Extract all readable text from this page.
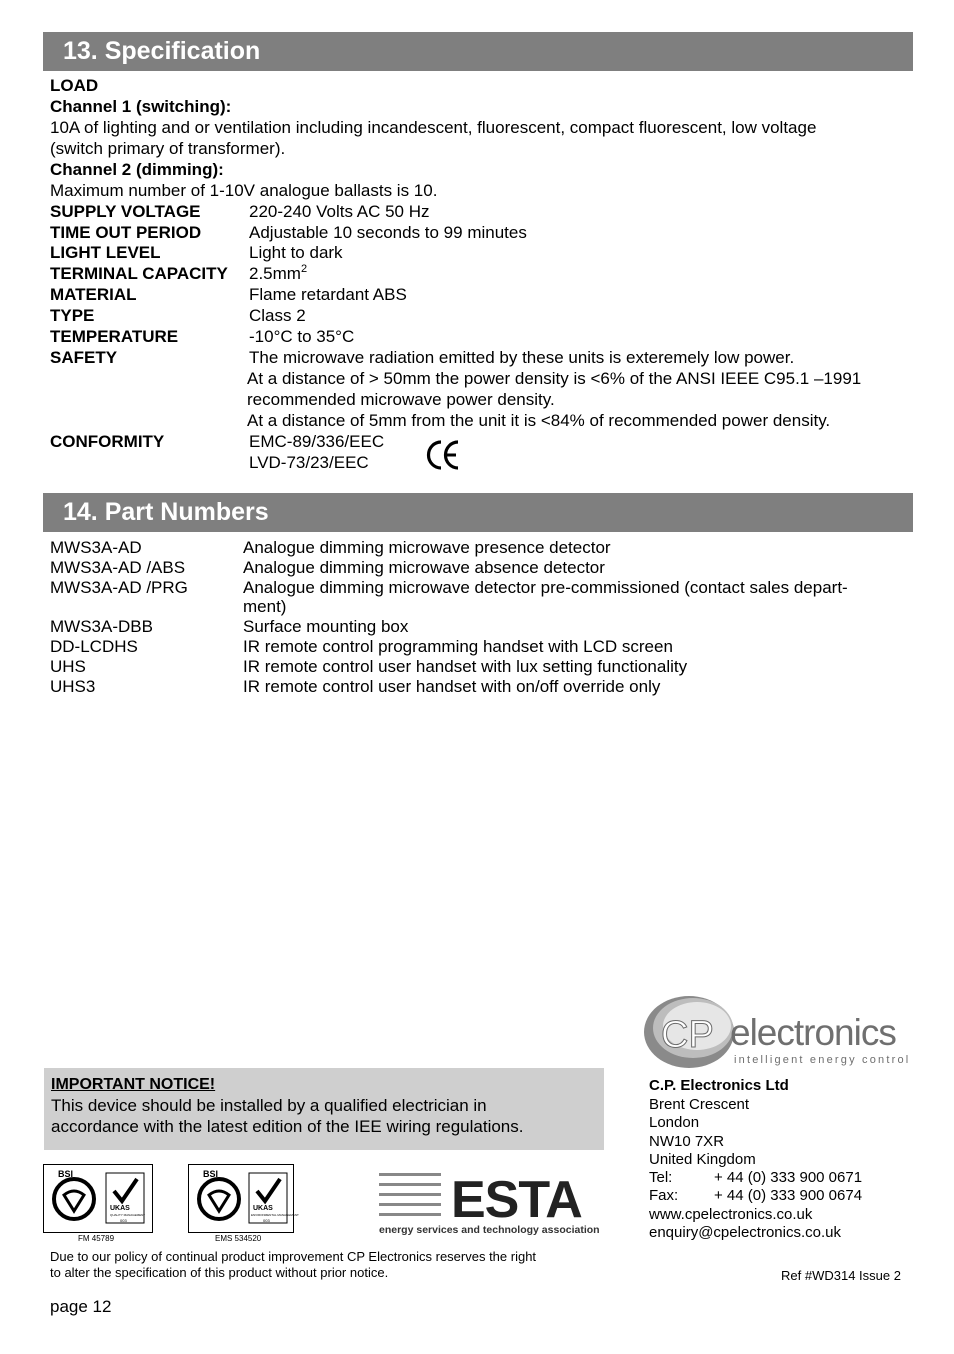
13. Specification
LOAD
Channel 1 (switching):
10A of lighting and or ventilation including incandescent, fluorescent, compact fluorescent, low voltage
(switch primary of transformer).
Channel 2 (dimming):
Maximum number of 1-10V analogue ballasts is 10.
SUPPLY VOLTAGE	220-240 Volts AC 50 Hz
TIME OUT PERIOD	Adjustable 10 seconds to 99 minutes
LIGHT LEVEL	Light to dark
TERMINAL CAPACITY $2.5mm^2$
MATERIAL	Flame retardant ABS
TYPE	Class 2
TEMPERATURE	-10°C to 35°C
SAFETY	The microwave radiation emitted by these units is exteremely low power.
At a distance of > 50mm the power density is <6% of the ANSI IEEE C95.1 –1991
recommended microwave power density.
At a distance of 5mm from the unit it is <84% of recommended power density.
CONFORMITY	EMC-89/336/EEC
LVD-73/23/EEC
14. Part Numbers
MWS3A-AD	Analogue dimming microwave presence detector
MWS3A-AD /ABS	Analogue dimming microwave absence detector
MWS3A-AD /PRG	Analogue dimming microwave detector pre-commissioned (contact sales depart-
ment)
MWS3A-DBB	Surface mounting box
DD-LCDHS	IR remote control programming handset with LCD screen
UHS	IR remote control user handset with lux setting functionality
UHS3	IR remote control user handset with on/off override only
CP electronics
intelligent energy control
C.P. Electronics Ltd
Brent Crescent
London
NW10 7XR
United Kingdom
Tel:	+ 44 (0) 333 900 0671
Fax: + 44 (0) 333 900 0674
www.cpelectronics.co.uk
enquiry@cpelectronics.co.uk
IMPORTANT NOTICE!
This device should be installed by a qualified electrician in
accordance with the latest edition of the IEE wiring regulations.
BSI
UKAS
QUALITY MANAGEMENT
003
FM 45789
BSI
UKAS
ENVIRONMENTAL MANAGEMENT
003
EMS 534520
ESTA
energy services and technology association
Due to our policy of continual product improvement CP Electronics reserves the right
to alter the specification of this product without prior notice.	Ref #WD314 Issue 2
page 12
